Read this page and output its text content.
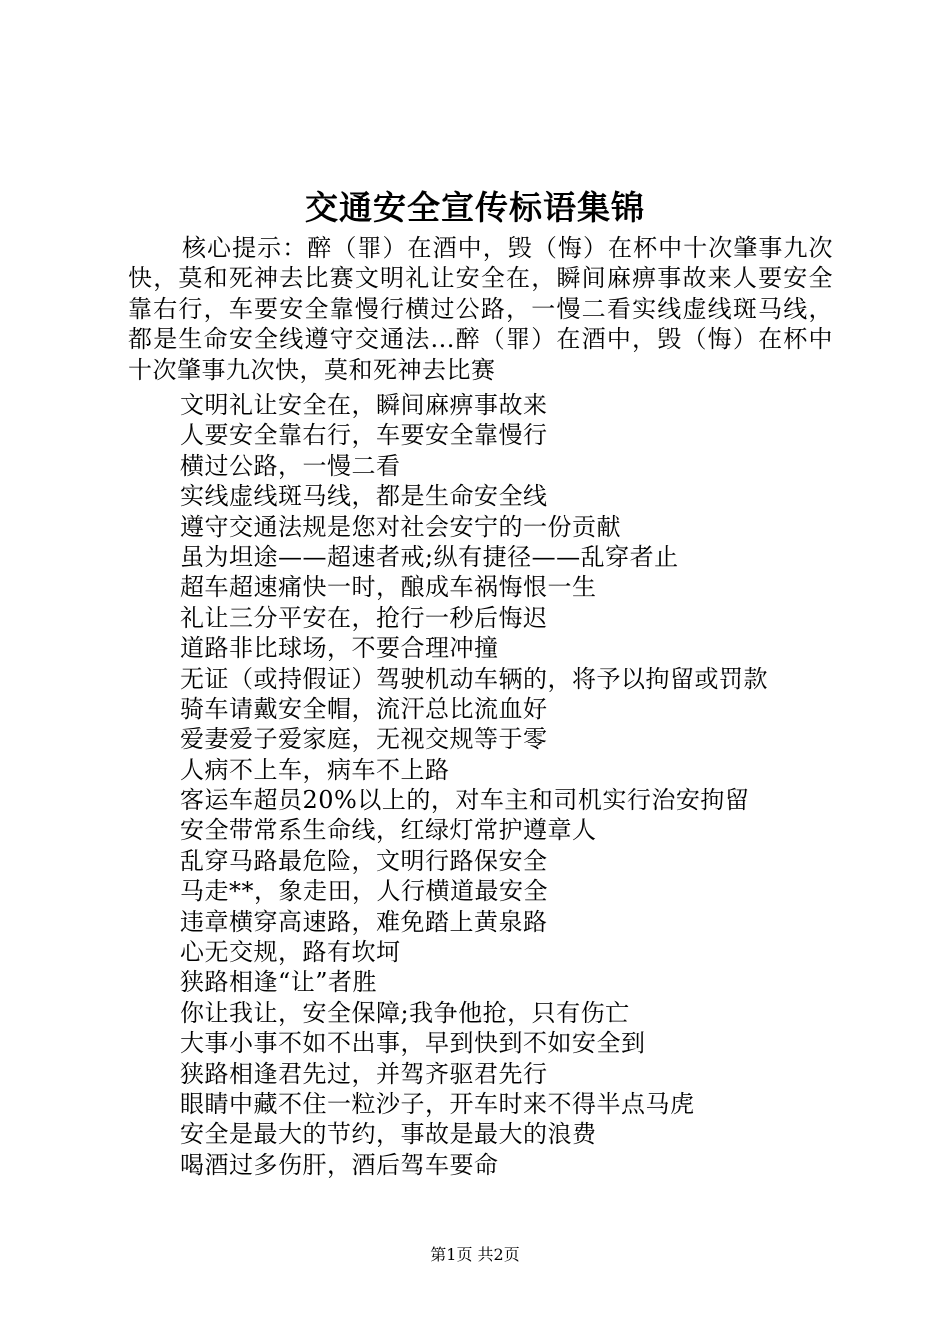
交通安全宣传标语集锦

核心提示：醉（罪）在酒中，毁（悔）在杯中十次肇事九次快，莫和死神去比赛文明礼让安全在，瞬间麻痹事故来人要安全靠右行，车要安全靠慢行横过公路，一慢二看实线虚线斑马线，都是生命安全线遵守交通法...醉（罪）在酒中，毁（悔）在杯中十次肇事九次快，莫和死神去比赛

文明礼让安全在，瞬间麻痹事故来
人要安全靠右行，车要安全靠慢行
横过公路，一慢二看
实线虚线斑马线，都是生命安全线
遵守交通法规是您对社会安宁的一份贡献
虽为坦途——超速者戒;纵有捷径——乱穿者止
超车超速痛快一时，酿成车祸悔恨一生
礼让三分平安在，抢行一秒后悔迟
道路非比球场，不要合理冲撞
无证（或持假证）驾驶机动车辆的，将予以拘留或罚款
骑车请戴安全帽，流汗总比流血好
爱妻爱子爱家庭，无视交规等于零
人病不上车，病车不上路
客运车超员20%以上的，对车主和司机实行治安拘留
安全带常系生命线，红绿灯常护遵章人
乱穿马路最危险，文明行路保安全
马走**，象走田，人行横道最安全
违章横穿高速路，难免踏上黄泉路
心无交规，路有坎坷
狭路相逢“让”者胜
你让我让，安全保障;我争他抢，只有伤亡
大事小事不如不出事，早到快到不如安全到
狭路相逢君先过，并驾齐驱君先行
眼睛中藏不住一粒沙子，开车时来不得半点马虎
安全是最大的节约，事故是最大的浪费
喝酒过多伤肝，酒后驾车要命
第1页 共2页
